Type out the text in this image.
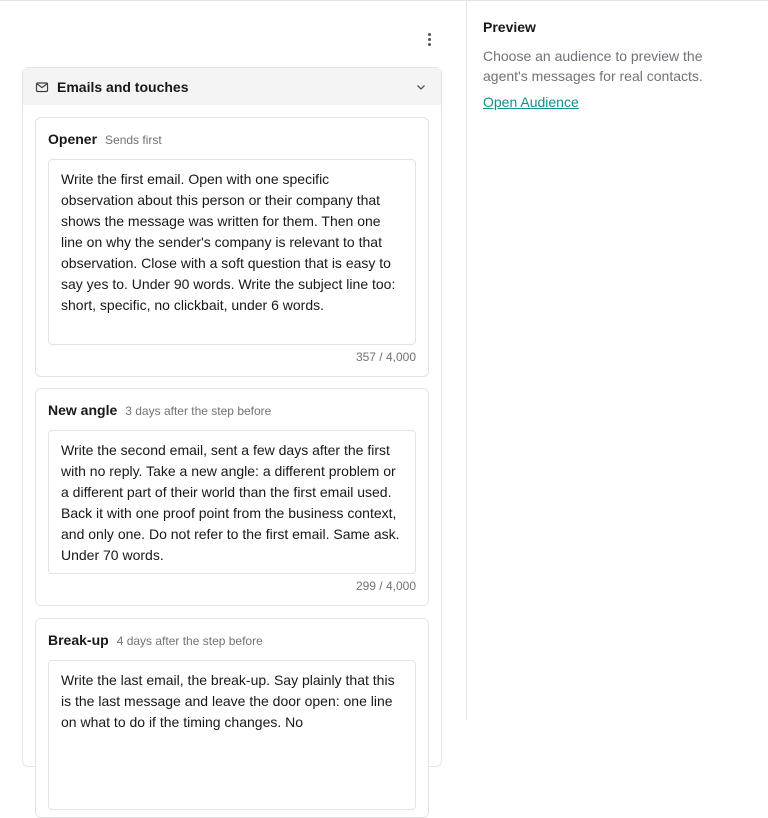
Emails and touches
Opener Sends first
Write the first email. Open with one specific observation about this person or their company that shows the message was written for them. Then one line on why the sender's company is relevant to that observation. Close with a soft question that is easy to say yes to. Under 90 words. Write the subject line too: short, specific, no clickbait, under 6 words.
357 / 4,000
New angle 3 days after the step before
Write the second email, sent a few days after the first with no reply. Take a new angle: a different problem or a different part of their world than the first email used. Back it with one proof point from the business context, and only one. Do not refer to the first email. Same ask. Under 70 words.
299 / 4,000
Break-up 4 days after the step before
Write the last email, the break-up. Say plainly that this is the last message and leave the door open: one line on what to do if the timing changes. No
Preview
Choose an audience to preview the agent's messages for real contacts.
Open Audience
